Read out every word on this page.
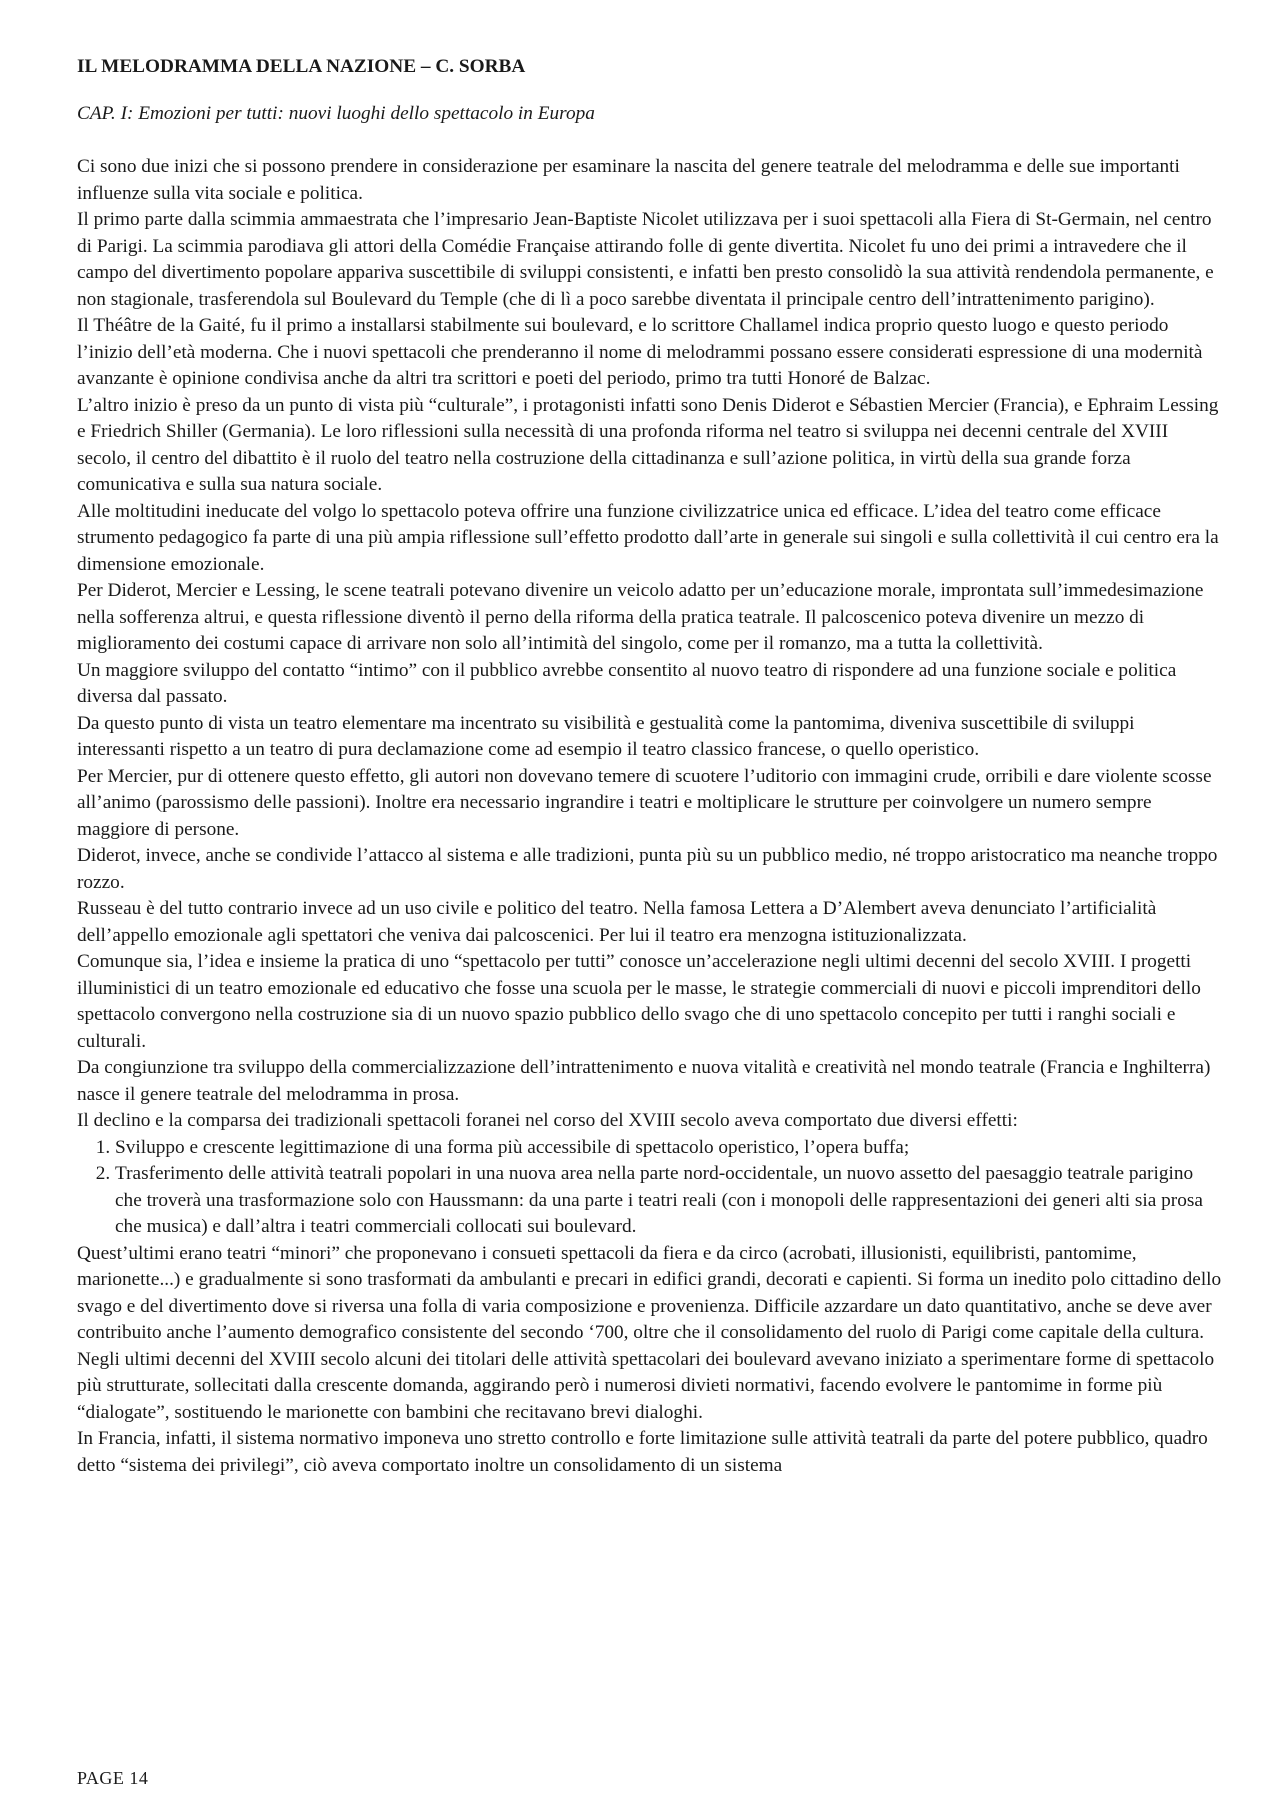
IL MELODRAMMA DELLA NAZIONE – C. SORBA
CAP. I: Emozioni per tutti: nuovi luoghi dello spettacolo in Europa

Ci sono due inizi che si possono prendere in considerazione per esaminare la nascita del genere teatrale del melodramma e delle sue importanti influenze sulla vita sociale e politica.

Il primo parte dalla scimmia ammaestrata che l’impresario Jean-Baptiste Nicolet utilizzava per i suoi spettacoli alla Fiera di St-Germain, nel centro di Parigi. La scimmia parodiava gli attori della Comédie Française attirando folle di gente divertita. Nicolet fu uno dei primi a intravedere che il campo del divertimento popolare appariva suscettibile di sviluppi consistenti, e infatti ben presto consolidò la sua attività rendendola permanente, e non stagionale, trasferendola sul Boulevard du Temple (che di lì a poco sarebbe diventata il principale centro dell’intrattenimento parigino).

Il Théâtre de la Gaité, fu il primo a installarsi stabilmente sui boulevard, e lo scrittore Challamel indica proprio questo luogo e questo periodo l’inizio dell’età moderna. Che i nuovi spettacoli che prenderanno il nome di melodrammi possano essere considerati espressione di una modernità avanzante è opinione condivisa anche da altri tra scrittori e poeti del periodo, primo tra tutti Honoré de Balzac.

L’altro inizio è preso da un punto di vista più “culturale”, i protagonisti infatti sono Denis Diderot e Sébastien Mercier (Francia), e Ephraim Lessing e Friedrich Shiller (Germania). Le loro riflessioni sulla necessità di una profonda riforma nel teatro si sviluppa nei decenni centrale del XVIII secolo, il centro del dibattito è il ruolo del teatro nella costruzione della cittadinanza e sull’azione politica, in virtù della sua grande forza comunicativa e sulla sua natura sociale.

Alle moltitudini ineducate del volgo lo spettacolo poteva offrire una funzione civilizzatrice unica ed efficace. L’idea del teatro come efficace strumento pedagogico fa parte di una più ampia riflessione sull’effetto prodotto dall’arte in generale sui singoli e sulla collettività il cui centro era la dimensione emozionale.

Per Diderot, Mercier e Lessing, le scene teatrali potevano divenire un veicolo adatto per un’educazione morale, improntata sull’immedesimazione nella sofferenza altrui, e questa riflessione diventò il perno della riforma della pratica teatrale. Il palcoscenico poteva divenire un mezzo di miglioramento dei costumi capace di arrivare non solo all’intimità del singolo, come per il romanzo, ma a tutta la collettività.

Un maggiore sviluppo del contatto “intimo” con il pubblico avrebbe consentito al nuovo teatro di rispondere ad una funzione sociale e politica diversa dal passato.

Da questo punto di vista un teatro elementare ma incentrato su visibilità e gestualità come la pantomima, diveniva suscettibile di sviluppi interessanti rispetto a un teatro di pura declamazione come ad esempio il teatro classico francese, o quello operistico.

Per Mercier, pur di ottenere questo effetto, gli autori non dovevano temere di scuotere l’uditorio con immagini crude, orribili e dare violente scosse all’animo (parossismo delle passioni). Inoltre era necessario ingrandire i teatri e moltiplicare le strutture per coinvolgere un numero sempre maggiore di persone.

Diderot, invece, anche se condivide l’attacco al sistema e alle tradizioni, punta più su un pubblico medio, né troppo aristocratico ma neanche troppo rozzo.

Russeau è del tutto contrario invece ad un uso civile e politico del teatro. Nella famosa Lettera a D’Alembert aveva denunciato l’artificialità dell’appello emozionale agli spettatori che veniva dai palcoscenici. Per lui il teatro era menzogna istituzionalizzata.

Comunque sia, l’idea e insieme la pratica di uno “spettacolo per tutti” conosce un’accelerazione negli ultimi decenni del secolo XVIII. I progetti illuministici di un teatro emozionale ed educativo che fosse una scuola per le masse, le strategie commerciali di nuovi e piccoli imprenditori dello spettacolo convergono nella costruzione sia di un nuovo spazio pubblico dello svago che di uno spettacolo concepito per tutti i ranghi sociali e culturali.

Da congiunzione tra sviluppo della commercializzazione dell’intrattenimento e nuova vitalità e creatività nel mondo teatrale (Francia e Inghilterra) nasce il genere teatrale del melodramma in prosa.

Il declino e la comparsa dei tradizionali spettacoli foranei nel corso del XVIII secolo aveva comportato due diversi effetti:

1. Sviluppo e crescente legittimazione di una forma più accessibile di spettacolo operistico, l’opera buffa;
2. Trasferimento delle attività teatrali popolari in una nuova area nella parte nord-occidentale, un nuovo assetto del paesaggio teatrale parigino che troverà una trasformazione solo con Haussmann: da una parte i teatri reali (con i monopoli delle rappresentazioni dei generi alti sia prosa che musica) e dall’altra i teatri commerciali collocati sui boulevard.

Quest’ultimi erano teatri “minori” che proponevano i consueti spettacoli da fiera e da circo (acrobati, illusionisti, equilibristi, pantomime, marionette...) e gradualmente si sono trasformati da ambulanti e precari in edifici grandi, decorati e capienti. Si forma un inedito polo cittadino dello svago e del divertimento dove si riversa una folla di varia composizione e provenienza. Difficile azzardare un dato quantitativo, anche se deve aver contribuito anche l’aumento demografico consistente del secondo ‘700, oltre che il consolidamento del ruolo di Parigi come capitale della cultura.

Negli ultimi decenni del XVIII secolo alcuni dei titolari delle attività spettacolari dei boulevard avevano iniziato a sperimentare forme di spettacolo più strutturate, sollecitati dalla crescente domanda, aggirando però i numerosi divieti normativi, facendo evolvere le pantomime in forme più “dialogate”, sostituendo le marionette con bambini che recitavano brevi dialoghi.

In Francia, infatti, il sistema normativo imponeva uno stretto controllo e forte limitazione sulle attività teatrali da parte del potere pubblico, quadro detto “sistema dei privilegi”, ciò aveva comportato inoltre un consolidamento di un sistema

PAGE 14
